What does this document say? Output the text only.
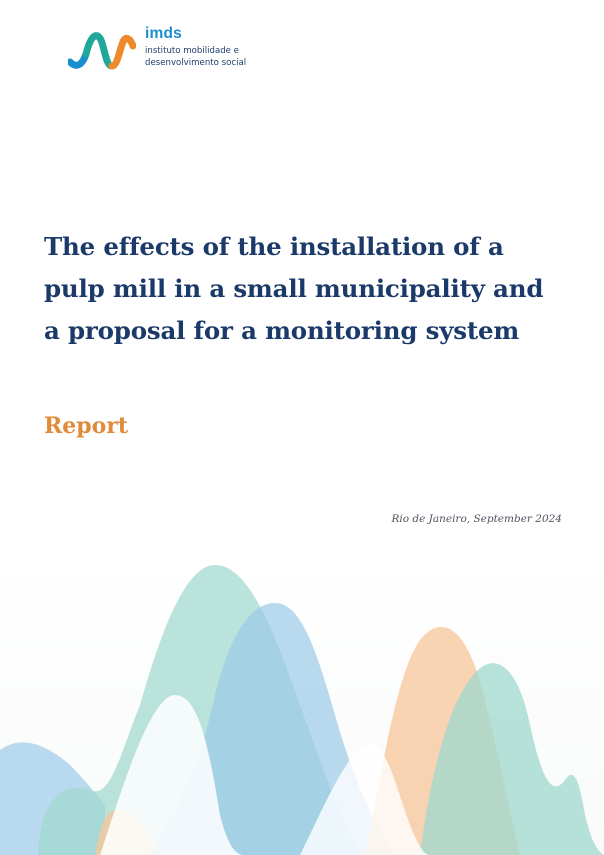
imds
instituto mobilidade e desenvolvimento social
The effects of the installation of a pulp mill in a small municipality and a proposal for a monitoring system
Report
Rio de Janeiro, September 2024
